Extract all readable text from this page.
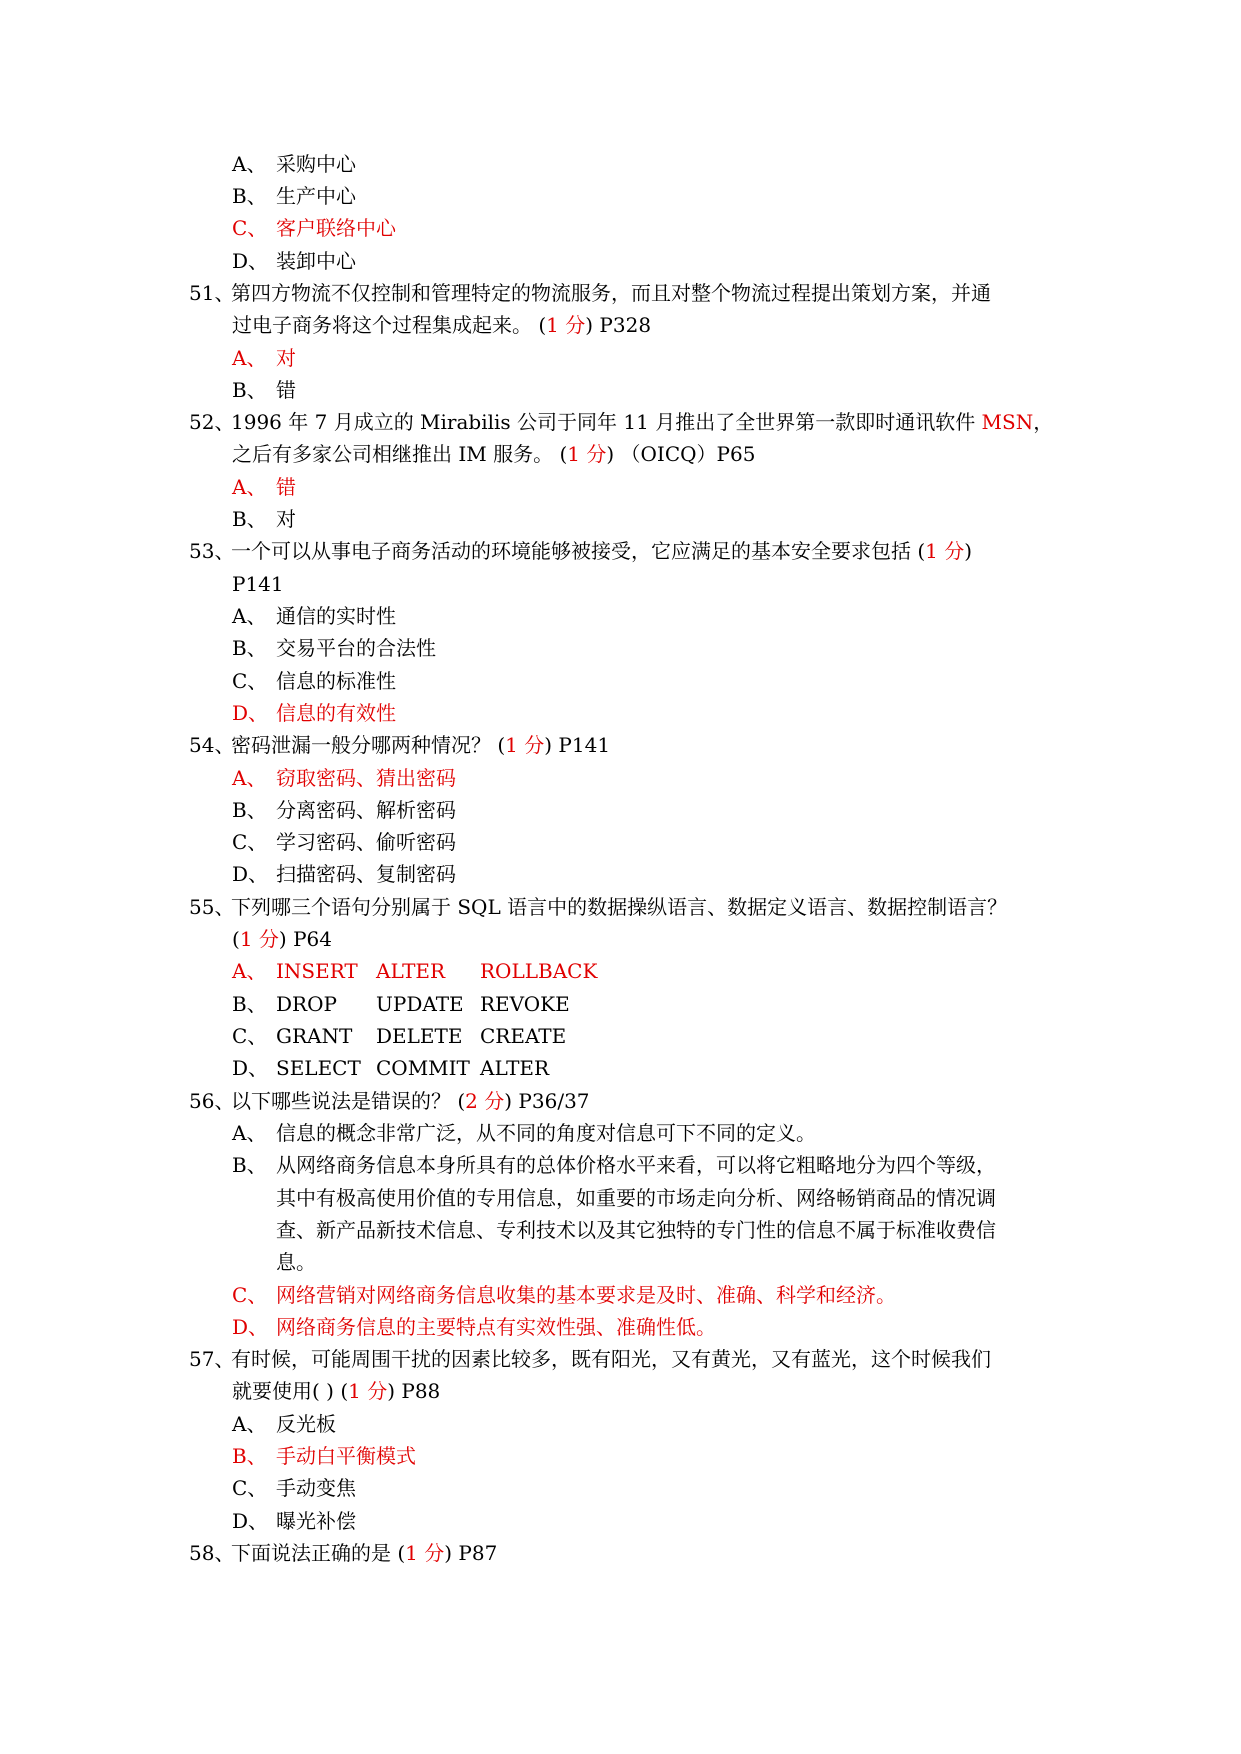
A、 采购中心
B、 生产中心
C、 客户联络中心
D、 装卸中心
51、第四方物流不仅控制和管理特定的物流服务，而且对整个物流过程提出策划方案，并通
过电子商务将这个过程集成起来。 (1 分) P328
A、 对
B、 错
52、1996 年 7 月成立的 Mirabilis 公司于同年 11 月推出了全世界第一款即时通讯软件 MSN，
之后有多家公司相继推出 IM 服务。 (1 分) （OICQ）P65
A、 错
B、 对
53、一个可以从事电子商务活动的环境能够被接受，它应满足的基本安全要求包括 (1 分)
P141
A、 通信的实时性
B、 交易平台的合法性
C、 信息的标准性
D、 信息的有效性
54、密码泄漏一般分哪两种情况？ (1 分) P141
A、 窃取密码、猜出密码
B、 分离密码、解析密码
C、 学习密码、偷听密码
D、 扫描密码、复制密码
55、下列哪三个语句分别属于 SQL 语言中的数据操纵语言、数据定义语言、数据控制语言？
(1 分) P64
A、 INSERT ALTER ROLLBACK
B、 DROP UPDATE REVOKE
C、 GRANT DELETE CREATE
D、 SELECT COMMIT ALTER
56、以下哪些说法是错误的？ (2 分) P36/37
A、 信息的概念非常广泛，从不同的角度对信息可下不同的定义。
B、 从网络商务信息本身所具有的总体价格水平来看，可以将它粗略地分为四个等级，
其中有极高使用价值的专用信息，如重要的市场走向分析、网络畅销商品的情况调
查、新产品新技术信息、专利技术以及其它独特的专门性的信息不属于标准收费信
息。
C、 网络营销对网络商务信息收集的基本要求是及时、准确、科学和经济。
D、 网络商务信息的主要特点有实效性强、准确性低。
57、有时候，可能周围干扰的因素比较多，既有阳光，又有黄光，又有蓝光，这个时候我们
就要使用( ) (1 分) P88
A、 反光板
B、 手动白平衡模式
C、 手动变焦
D、 曝光补偿
58、下面说法正确的是 (1 分) P87
